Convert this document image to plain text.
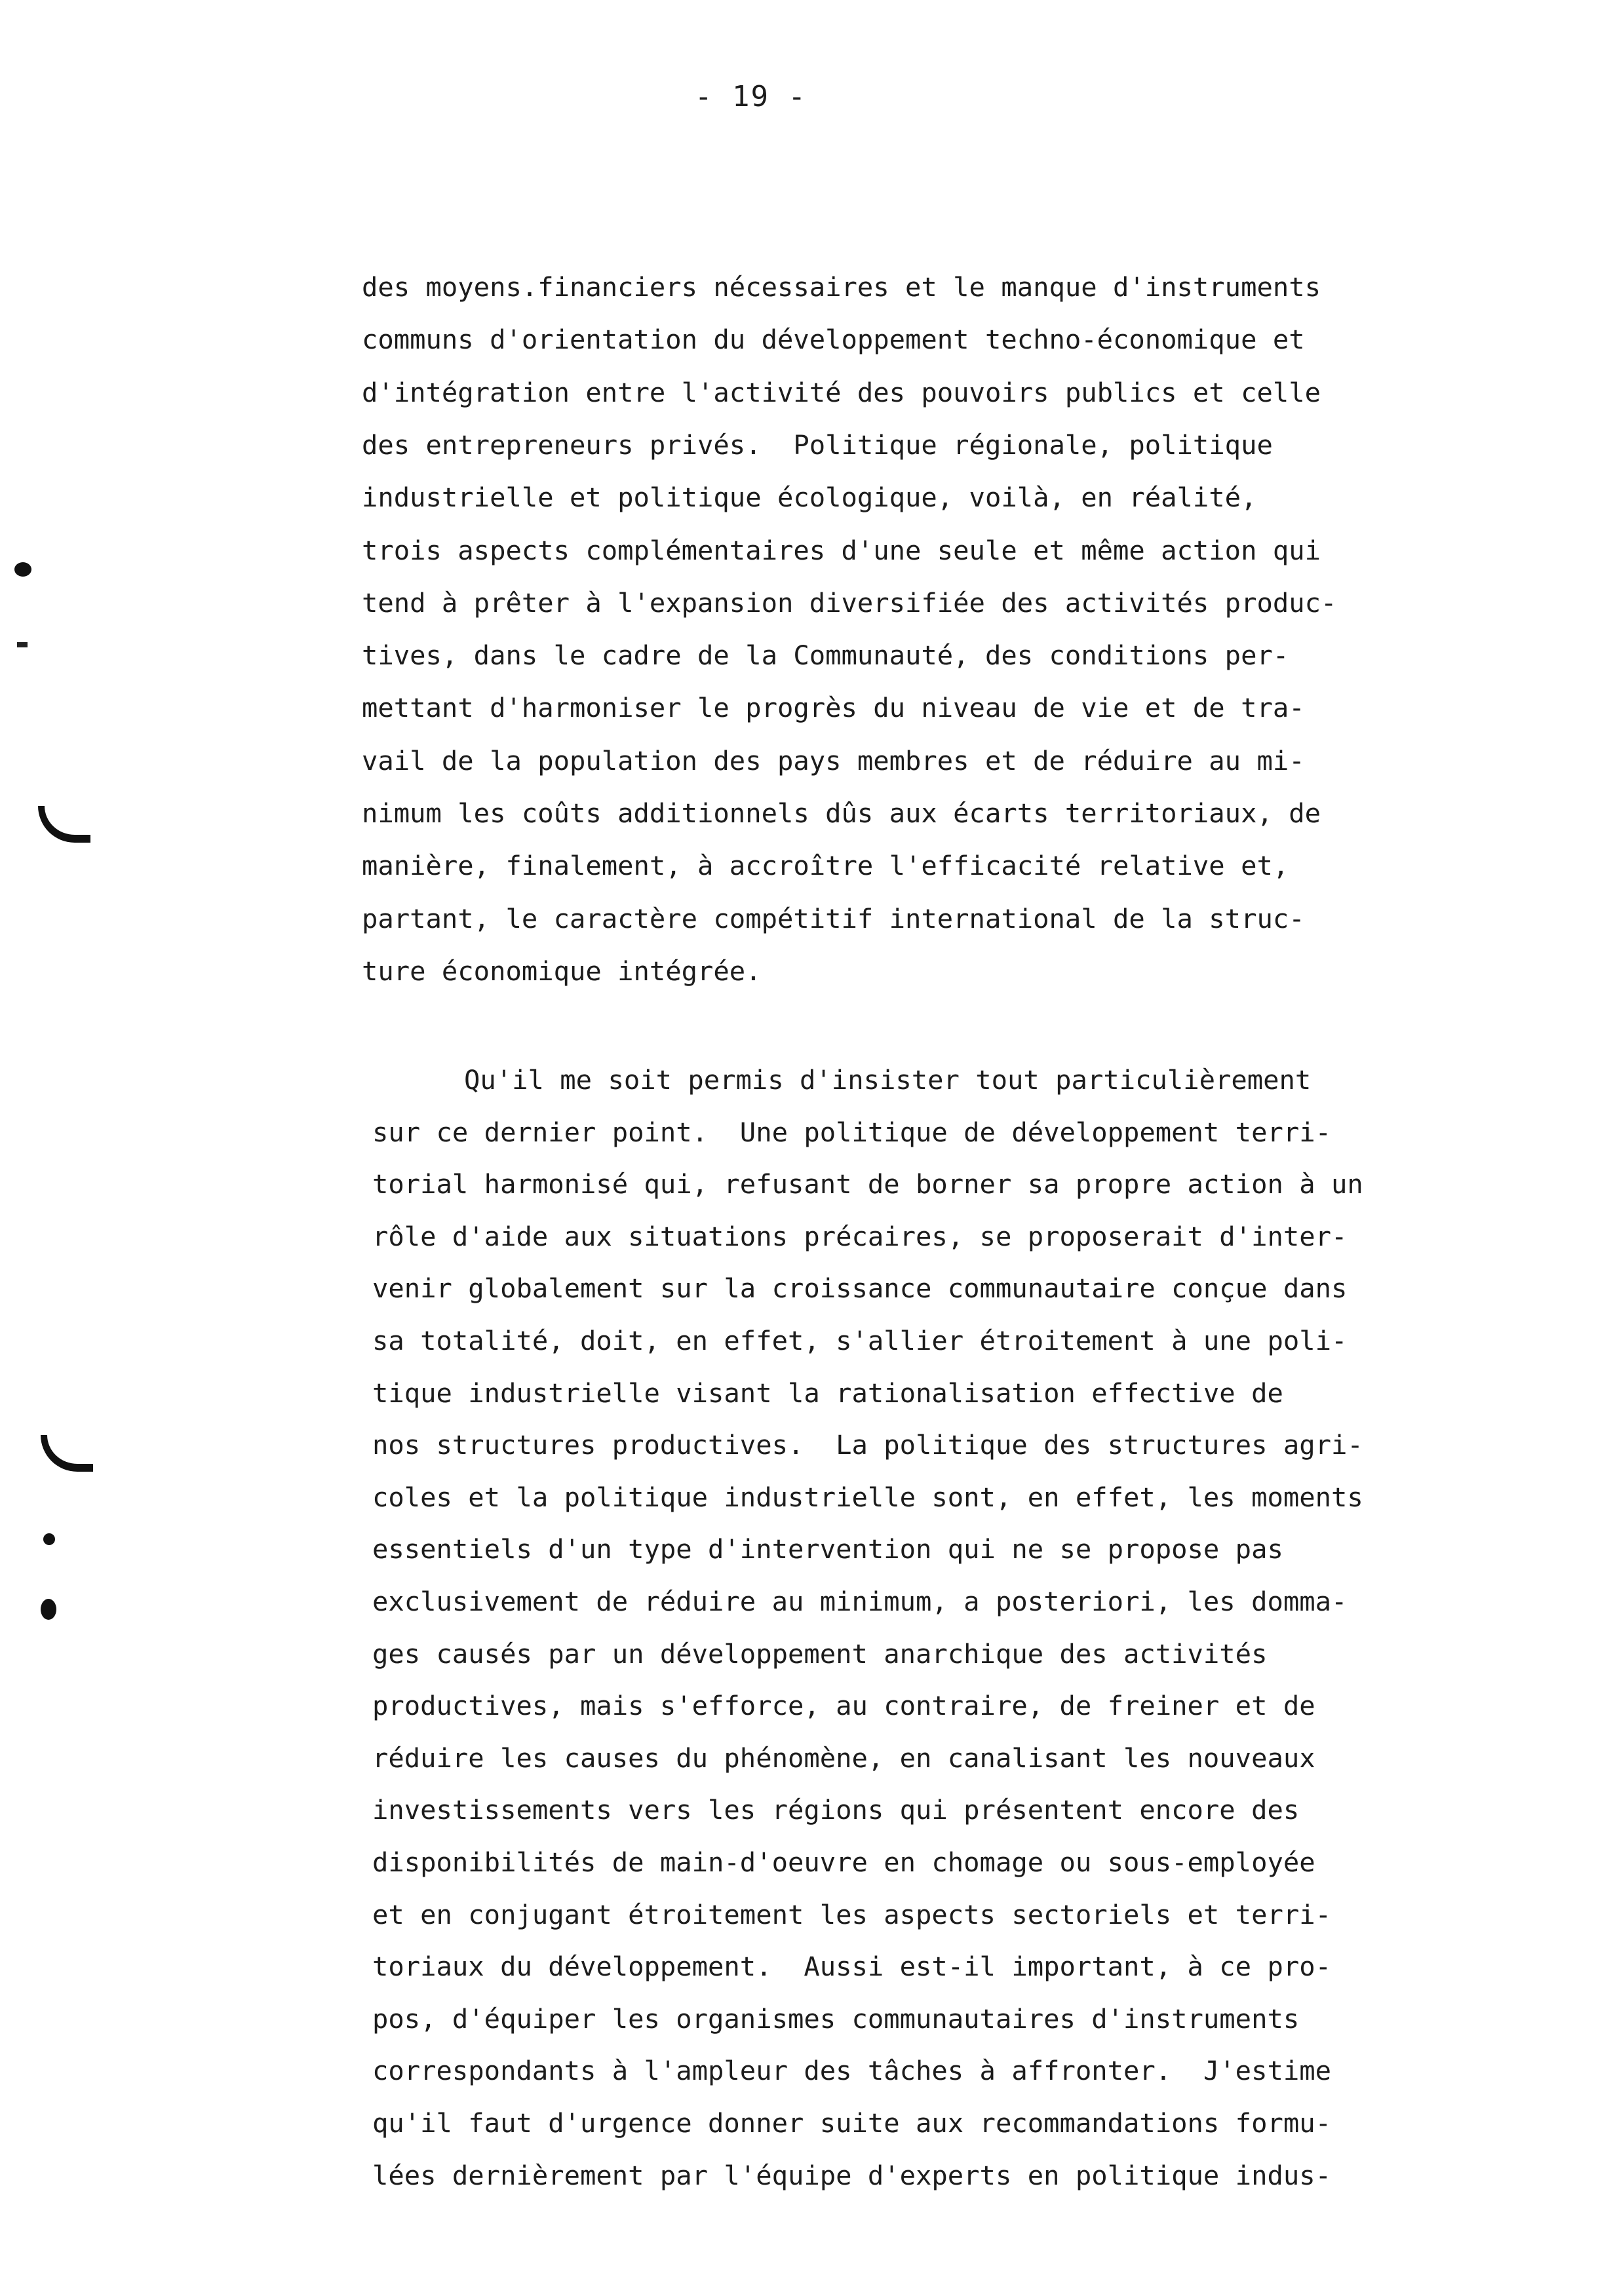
- 19 -
des moyens.financiers nécessaires et le manque d'instruments
communs d'orientation du développement techno-économique et
d'intégration entre l'activité des pouvoirs publics et celle
des entrepreneurs privés.  Politique régionale, politique
industrielle et politique écologique, voilà, en réalité,
trois aspects complémentaires d'une seule et même action qui
tend à prêter à l'expansion diversifiée des activités produc-
tives, dans le cadre de la Communauté, des conditions per-
mettant d'harmoniser le progrès du niveau de vie et de tra-
vail de la population des pays membres et de réduire au mi-
nimum les coûts additionnels dûs aux écarts territoriaux, de
manière, finalement, à accroître l'efficacité relative et,
partant, le caractère compétitif international de la struc-
ture économique intégrée.
Qu'il me soit permis d'insister tout particulièrement
sur ce dernier point.  Une politique de développement terri-
torial harmonisé qui, refusant de borner sa propre action à un
rôle d'aide aux situations précaires, se proposerait d'inter-
venir globalement sur la croissance communautaire conçue dans
sa totalité, doit, en effet, s'allier étroitement à une poli-
tique industrielle visant la rationalisation effective de
nos structures productives.  La politique des structures agri-
coles et la politique industrielle sont, en effet, les moments
essentiels d'un type d'intervention qui ne se propose pas
exclusivement de réduire au minimum, a posteriori, les domma-
ges causés par un développement anarchique des activités
productives, mais s'efforce, au contraire, de freiner et de
réduire les causes du phénomène, en canalisant les nouveaux
investissements vers les régions qui présentent encore des
disponibilités de main-d'oeuvre en chomage ou sous-employée
et en conjugant étroitement les aspects sectoriels et terri-
toriaux du développement.  Aussi est-il important, à ce pro-
pos, d'équiper les organismes communautaires d'instruments
correspondants à l'ampleur des tâches à affronter.  J'estime
qu'il faut d'urgence donner suite aux recommandations formu-
lées dernièrement par l'équipe d'experts en politique indus-
